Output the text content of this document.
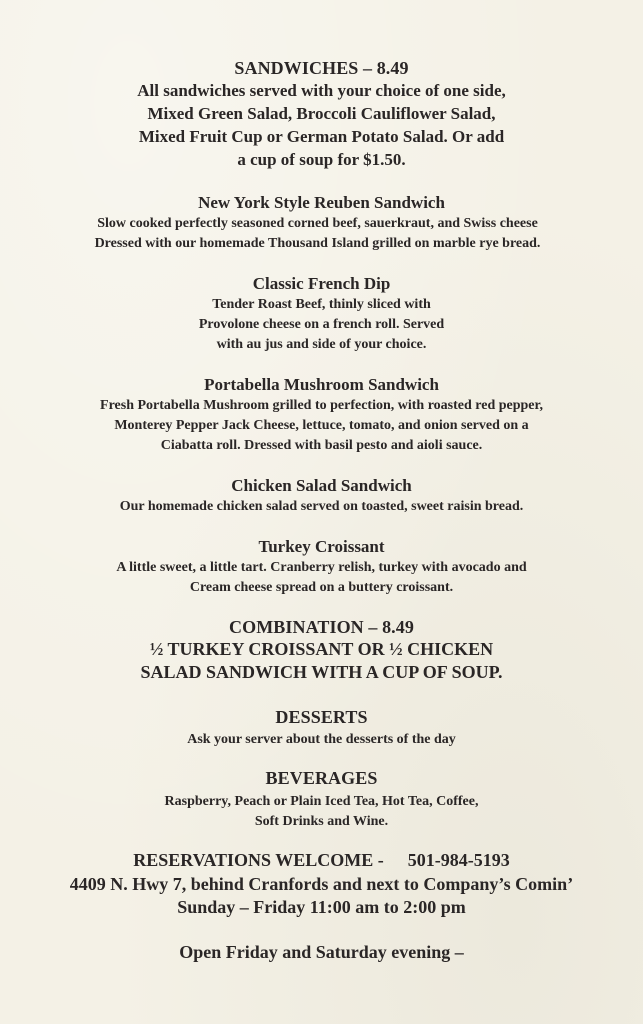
SANDWICHES – 8.49
All sandwiches served with your choice of one side,
Mixed Green Salad, Broccoli Cauliflower Salad,
Mixed Fruit Cup or German Potato Salad. Or add
a cup of soup for $1.50.
New York Style Reuben Sandwich
Slow cooked perfectly seasoned corned beef, sauerkraut, and Swiss cheese
Dressed with our homemade Thousand Island grilled on marble rye bread.
Classic French Dip
Tender Roast Beef, thinly sliced with
Provolone cheese on a french roll. Served
with au jus and side of your choice.
Portabella Mushroom Sandwich
Fresh Portabella Mushroom grilled to perfection, with roasted red pepper,
Monterey Pepper Jack Cheese, lettuce, tomato, and onion served on a
Ciabatta roll. Dressed with basil pesto and aioli sauce.
Chicken Salad Sandwich
Our homemade chicken salad served on toasted, sweet raisin bread.
Turkey Croissant
A little sweet, a little tart. Cranberry relish, turkey with avocado and
Cream cheese spread on a buttery croissant.
COMBINATION – 8.49
½ TURKEY CROISSANT OR ½ CHICKEN
SALAD SANDWICH WITH A CUP OF SOUP.
DESSERTS
Ask your server about the desserts of the day
BEVERAGES
Raspberry, Peach or Plain Iced Tea, Hot Tea, Coffee,
Soft Drinks and Wine.
RESERVATIONS WELCOME - 501-984-5193
4409 N. Hwy 7, behind Cranfords and next to Company’s Comin’
Sunday – Friday 11:00 am to 2:00 pm
Open Friday and Saturday evening –
